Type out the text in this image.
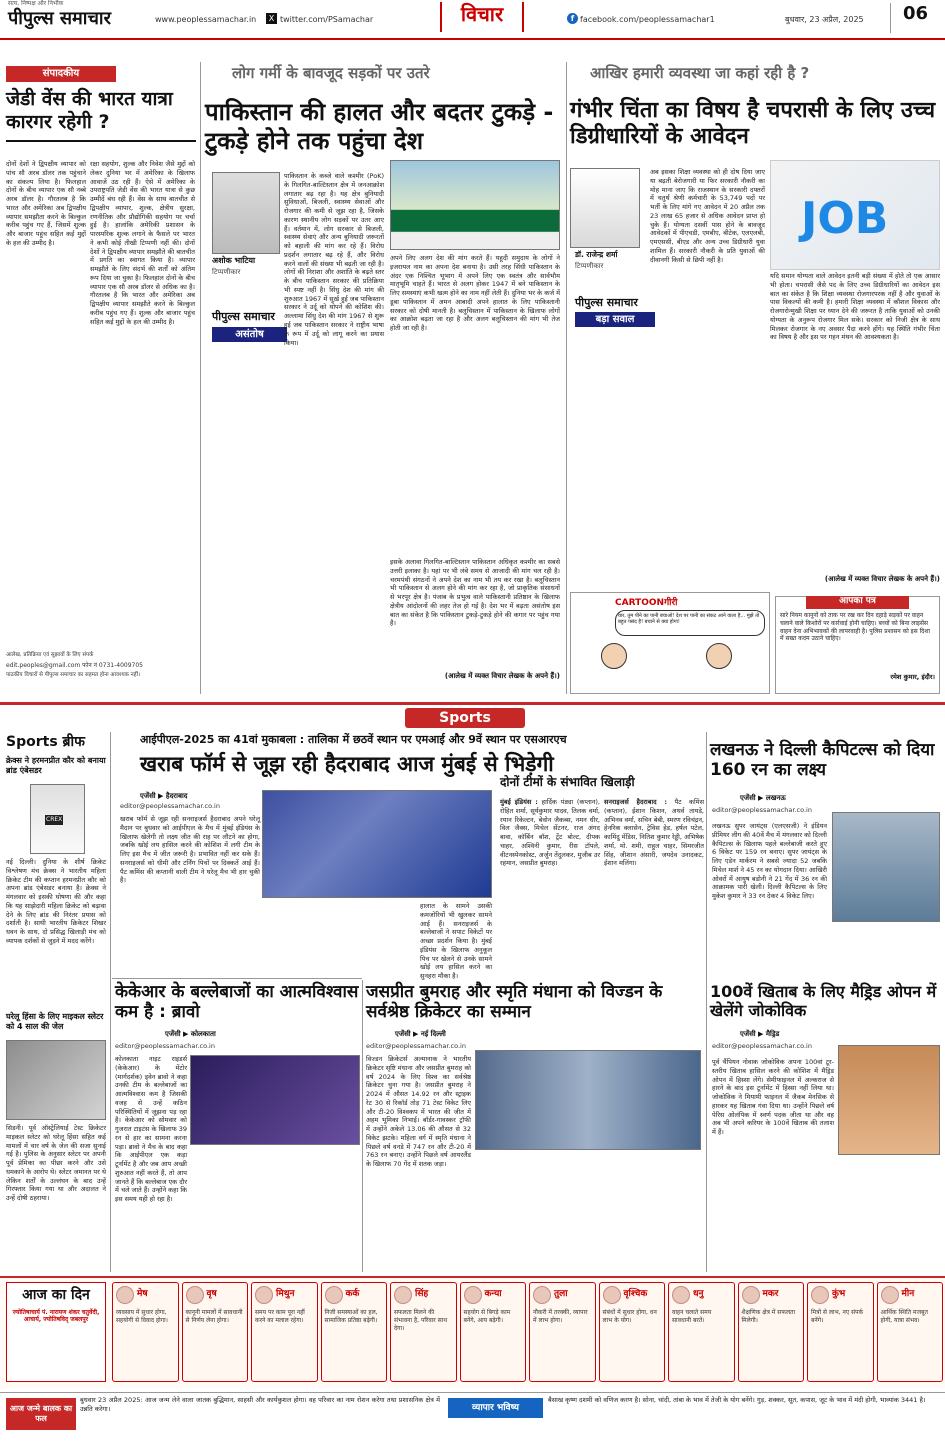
सत्य, निष्पक्ष और निर्भीक
पीपुल्स समाचार	www.peoplessamachar.in	X twitter.com/PSamachar	विचार	f facebook.com/peoplessamachar1	बुधवार, 23 अप्रैल, 2025	06
संपादकीय
जेडी वेंस की भारत यात्रा कारगर रहेगी ?
रक्षा सहयोग, शुल्क और निवेश जैसे मुद्दों को लेकर दुनिया भर में अमेरिका के खिलाफ आवाजें उठ रही हैं। ऐसे में अमेरिका के उपराष्ट्रपति जेडी वेंस की भारत यात्रा से कुछ उम्मीदें बंध रही हैं। वेंस के साथ बातचीत से द्विपक्षीय व्यापार, शुल्क, क्षेत्रीय सुरक्षा, रणनीतिक और प्रौद्योगिकी सहयोग पर चर्चा हुई है। हालांकि अमेरिकी प्रशासन के पारस्परिक शुल्क लगाने के फैसले पर भारत ने कभी कोई तीखी टिप्पणी नहीं की। दोनों देशों ने द्विपक्षीय व्यापार समझौते की बातचीत में प्रगति का स्वागत किया है। व्यापार समझौते के लिए संदर्भ की शर्तों को अंतिम रूप दिया जा चुका है। फिलहाल दोनों के बीच व्यापार एक सौ अरब डॉलर से अधिक का है। गौरतलब है कि भारत और अमेरिका अब द्विपक्षीय व्यापार समझौते करने के बिल्कुल करीब पहुंच गए हैं। शुल्क और बाजार पहुंच सहित कई मुद्दों के हल की उम्मीद है।
दोनों देशों ने द्विपक्षीय व्यापार को पांच सौ अरब डॉलर तक पहुंचाने का संकल्प लिया है। फिलहाल दोनों के बीच व्यापार एक सौ नब्बे अरब डॉलर है। गौरतलब है कि भारत और अमेरिका अब द्विपक्षीय व्यापार समझौता करने के बिल्कुल करीब पहुंच गए हैं, जिसमें शुल्क और बाजार पहुंच सहित कई मुद्दों के हल की उम्मीद है।
आलेख, प्रतिक्रिया एवं सुझावों के लिए संपर्क
edit.peoples@gmail.com फोन नं 0731-4009705
पाठकीय विचारों से पीपुल्स समाचार का सहमत होना आवश्यक नहीं।
लोग गर्मी के बावजूद सड़कों पर उतरे
पाकिस्तान की हालत और बदतर टुकड़े - टुकड़े होने तक पहुंचा देश
अशोक भाटिया
टिप्पणीकार
पीपुल्स समाचार
असंतोष
पाकिस्तान के कब्जे वाले कश्मीर (PoK) के गिलगित-बाल्टिस्तान क्षेत्र में जनआक्रोश लगातार बढ़ रहा है। यह क्षेत्र बुनियादी सुविधाओं, बिजली, स्वास्थ्य सेवाओं और रोजगार की कमी से जूझ रहा है, जिसके कारण स्थानीय लोग सड़कों पर उतर आए हैं। वर्तमान में, लोग सरकार से बिजली, स्वास्थ्य सेवाएं और अन्य बुनियादी जरूरतों को बहाली की मांग कर रहे हैं। विरोध प्रदर्शन लगातार बढ़ रहे हैं, और विरोध करने वालों की संख्या भी बढ़ती जा रही है। लोगों की निराशा और अशांति के बढ़ते स्तर के बीच पाकिस्तान सरकार की प्रतिक्रिया भी स्पष्ट नहीं है। सिंधु देश की मांग की शुरुआत 1967 में सुर्ख़ हुई जब पाकिस्तान सरकार ने उर्दू को थोपने की कोशिश की। अल्लामा सिंधु देश की मांग 1967 से शुरू हुई जब पाकिस्तान सरकार ने राष्ट्रीय भाषा के रूप में उर्दू को लागू करने का प्रयास किया।
अपने लिए अलग देश की मांग करते हैं। यहूदी समुदाय के लोगों ने इजरायल नाम का अपना देश बनाया है। उसी तरह सिंधी पाकिस्तान के अंदर एक निश्चित भूभाग में अपने लिए एक स्वतंत्र और सार्वभौम मातृभूमि चाहते हैं। भारत से अलग होकर 1947 में बने पाकिस्तान के लिए समस्याएं कभी खत्म होने का नाम नहीं लेती हैं। दुनिया भर के कर्ज में डूबा पाकिस्तान में अमन आबादी अपने हालात के लिए पाकिस्तानी सरकार को दोषी मानती है। बलूचिस्तान में पाकिस्तान के खिलाफ लोगों का आक्रोश बढ़ता जा रहा है और अलग बलूचिस्तान की मांग भी तेज होती जा रही है।
इसके अलावा गिलगित-बाल्टिस्तान पाकिस्तान अधिकृत कश्मीर का सबसे उत्तरी इलाका है। यहां पर भी लंबे समय से आजादी की मांग चल रही है। चरमपंथी संगठनों ने अपने देश का नाम भी तय कर रखा है। बलूचिस्तान भी पाकिस्तान से अलग होने की मांग कर रहा है, जो प्राकृतिक संसाधनों से भरपूर क्षेत्र है। पंजाब के प्रभुत्व वाले पाकिस्तानी प्रतिष्ठान के खिलाफ क्षेत्रीय आंदोलनों की लहर तेज हो गई है। देश भर में बढ़ता असंतोष इस बात का संकेत है कि पाकिस्तान टुकड़े-टुकड़े होने की कगार पर पहुंच गया है।
(आलेख में व्यक्त विचार लेखक के अपने हैं।)
आखिर हमारी व्यवस्था जा कहां रही है ?
गंभीर चिंता का विषय है चपरासी के लिए उच्च डिग्रीधारियों के आवेदन
डॉ. राजेन्द्र शर्मा
टिप्पणीकार
पीपुल्स समाचार
बड़ा सवाल
अब इसका शिक्षा व्यवस्था को ही दोष दिया जाए या बढ़ती बेरोजगारी या फिर सरकारी नौकरी का मोह माना जाए कि राजस्थान के सरकारी दफ्तरों में चतुर्थ श्रेणी कर्मचारी के 53,749 पदों पर भर्ती के लिए मांगे गए आवेदन में 20 अप्रैल तक 23 लाख 65 हजार से अधिक आवेदन प्राप्त हो चुके हैं। योग्यता दसवीं पास होने के बावजूद आवेदकों में पीएचडी, एमबीए, बीटेक, एलएलबी, एमएससी, बीएड और अन्य उच्च डिग्रीधारी युवा शामिल हैं। सरकारी नौकरी के प्रति युवाओं की दीवानगी किसी से छिपी नहीं है।
JOB
यदि समान योग्यता वाले आवेदन इतनी बड़ी संख्या में होते तो एक आसार भी होता। चपरासी जैसे पद के लिए उच्च डिग्रीधारियों का आवेदन इस बात का संकेत है कि शिक्षा व्यवस्था रोजगारपरक नहीं है और युवाओं के पास विकल्पों की कमी है। हमारी शिक्षा व्यवस्था में कौशल विकास और रोजगारोन्मुखी शिक्षा पर ध्यान देने की जरूरत है ताकि युवाओं को उनकी योग्यता के अनुरूप रोजगार मिल सके। सरकार को निजी क्षेत्र के साथ मिलकर रोजगार के नए अवसर पैदा करने होंगे। यह स्थिति गंभीर चिंता का विषय है और इस पर गहन मंथन की आवश्यकता है।
(आलेख में व्यक्त विचार लेखक के अपने हैं।)
CARTOONगीरी
यार, तुम पीने का पानी बचाओ! देश पर पानी का संकट आने वाला है... मुझे तो बहुत पसंद है! बचाने से क्या होगा!
आपका पत्र
सारे नियम कानूनों को ताक पर रख कर दिन दहाड़े सड़कों पर वाहन चलाने वाले किशोरों पर कार्रवाई होनी चाहिए। बच्चों को बिना लाइसेंस वाहन देना अभिभावकों की लापरवाही है। पुलिस प्रशासन को इस दिशा में सख्त कदम उठाने चाहिए।
रमेश कुमार, इंदौर।
Sports
Sports ब्रीफ
क्रेक्स ने हरमनप्रीत कौर को बनाया ब्रांड एंबेसडर
CREX
नई दिल्ली। दुनिया के शीर्ष क्रिकेट विश्लेषण मंच क्रेक्स ने भारतीय महिला क्रिकेट टीम की कप्तान हरमनप्रीत कौर को अपना ब्रांड एंबेसडर बनाया है। क्रेक्स ने मंगलवार को इसकी घोषणा की और कहा कि यह साझेदारी महिला क्रिकेट को बढ़ावा देने के लिए ब्रांड की निरंतर प्रयास को दर्शाती है। साथी भारतीय क्रिकेटर शिखर धवन के साथ, दो प्रसिद्ध खिलाड़ी मंच को व्यापक दर्शकों से जुड़ने में मदद करेंगे।
घरेलू हिंसा के लिए माइकल स्लेटर को 4 साल की जेल
सिडनी। पूर्व ऑस्ट्रेलियाई टेस्ट क्रिकेटर माइकल स्लेटर को घरेलू हिंसा सहित कई मामलों में चार वर्ष के जेल की सजा सुनाई गई है। पुलिस के अनुसार स्लेटर पर अपनी पूर्व प्रेमिका का पीछा करने और उसे धमकाने के आरोप थे। स्लेटर जमानत पर थे लेकिन शर्तों के उल्लंघन के बाद उन्हें गिरफ्तार किया गया था और अदालत ने उन्हें दोषी ठहराया।
आईपीएल-2025 का 41वां मुकाबला : तालिका में छठवें स्थान पर एमआई और 9वें स्थान पर एसआरएच
खराब फॉर्म से जूझ रही हैदराबाद आज मुंबई से भिड़ेगी
एजेंसी ▶ हैदराबाद
editor@peoplessamachar.co.in
खराब फॉर्म से जूझ रही सनराइजर्स हैदराबाद अपने घरेलू मैदान पर बुधवार को आईपीएल के मैच में मुंबई इंडियंस के खिलाफ खेलेगी तो लक्ष्य जीत की राह पर लौटने का होगा, जबकि खोई लय हासिल करने की कोशिश में लगी टीम के लिए इस मैच में जीत जरूरी है। प्रभावित नहीं कर सके हैं। सनराइजर्स को धीमी और टर्निंग पिचों पर दिक्कतें आई हैं। पैट कमिंस की कप्तानी वाली टीम ने घरेलू मैच भी हार चुकी है।
हालात के सामने उसकी कमजोरियों भी खुलकर सामने आई हैं। सनराइजर्स के बल्लेबाजों ने सपाट विकेटों पर अच्छा प्रदर्शन किया है। मुंबई इंडियंस के खिलाफ अनुकूल पिच पर खेलने से उनके सामने खोई लय हासिल करने का सुनहरा मौका है।
दोनों टीमों के संभावित खिलाड़ी
मुंबई इंडियंस : हार्दिक पंड्या (कप्तान), रोहित शर्मा, सूर्यकुमार यादव, तिलक वर्मा, रयान रिकेल्टन, बेवोन जैकब्स, नमन धीर, विल जैक्स, मिचेल सेंटनर, राज अंगद बावा, कॉर्बिन बॉश, ट्रेंट बोल्ट, दीपक चाहर, अश्विनी कुमार, रीस टॉपले, वीटनस्पेनकोस्ट, अर्जुन तेंदुलकर, मुजीब उर रहमान, जसप्रीत बुमराह।
सनराइजर्स हैदराबाद : पैट कमिंस (कप्तान), ईशान किशन, अथर्व तायडे, अभिनव वर्मा, सचिन बेबी, स्मरण रविचंद्रन, हेनरिक क्लासेन, ट्रेविस हेड, हर्षल पटेल, कामिंदु मेंडिस, नितिश कुमार रेड्डी, अभिषेक शर्मा, मो. शमी, राहुल चाहर, सिमरजीत सिंह, जीशान अंसारी, जयदेव उनादकट, ईशान मलिंगा।
लखनऊ ने दिल्ली कैपिटल्स को दिया 160 रन का लक्ष्य
एजेंसी ▶ लखनऊ
editor@peoplessamachar.co.in
लखनऊ सुपर जायंट्स (एलएसजी) ने इंडियन प्रीमियर लीग की 40वें मैच में मंगलवार को दिल्ली कैपिटल्स के खिलाफ पहले बल्लेबाजी करते हुए 6 विकेट पर 159 रन बनाए। सुपर जायंट्स के लिए एडेन मार्करम ने सबसे ज्यादा 52 जबकि मिचेल मार्श ने 45 रन का योगदान दिया। आखिरी ओवरों में आयुष बडोनी ने 21 गेंद में 36 रन की आक्रामक पारी खेली। दिल्ली कैपिटल्स के लिए मुकेश कुमार ने 33 रन देकर 4 विकेट लिए।
केकेआर के बल्लेबाजों का आत्मविश्वास कम है : ब्रावो
एजेंसी ▶ कोलकाता
editor@peoplessamachar.co.in
कोलकाता नाइट राइडर्स (केकेआर) के मेंटोर (मार्गदर्शक) ड्वेन ब्रावो ने कहा उनकी टीम के बल्लेबाजों का आत्मविश्वास कम है जिसकी वजह से उन्हें कठिन परिस्थितियों में जूझना पड़ रहा है। केकेआर को सोमवार को गुजरात टाइटंस के खिलाफ 39 रन से हार का सामना करना पड़ा। ब्रावो ने मैच के बाद कहा कि आईपीएल एक कड़ा टूर्नामेंट है और जब आप अच्छी शुरुआत नहीं करते हैं, तो आप जानते हैं कि बल्लेबाज एक दौर में चले जाते हैं। उन्होंने कहा कि इस समय यही हो रहा है।
जसप्रीत बुमराह और स्मृति मंधाना को विज्डन के सर्वश्रेष्ठ क्रिकेटर का सम्मान
एजेंसी ▶ नई दिल्ली
editor@peoplessamachar.co.in
विज्डन क्रिकेटर्स अल्मानाक ने भारतीय क्रिकेटर सृष्टि मंधाना और जसप्रीत बुमराह को वर्ष 2024 के लिए विश्व का सर्वश्रेष्ठ क्रिकेटर चुना गया है। जसप्रीत बुमराह ने 2024 में औसत 14.92 रन और स्ट्राइक रेट 30 से रिकॉर्ड तोड़ 71 टेस्ट विकेट लिए और टी-20 विश्वकप में भारत की जीत में अहम भूमिका निभाई। बॉर्डर-गावस्कर ट्रॉफी में उन्होंने अकेले 13.06 की औसत से 32 विकेट झटके। महिला वर्ग में स्मृति मंधाना ने पिछले वर्ष वनडे में 747 रन और टी-20 में 763 रन बनाए। उन्होंने पिछले वर्ष आयरलैंड के खिलाफ 70 गेंद में शतक जड़ा।
100वें खिताब के लिए मैड्रिड ओपन में खेलेंगे जोकोविक
एजेंसी ▶ मैड्रिड
editor@peoplessamachar.co.in
पूर्व चैंपियन नोवाक जोकोविक अपना 100वां टूर-स्तरीय खिताब हासिल करने की कोशिश में मैड्रिड ओपन में हिस्सा लेंगे। सेमीफाइनल में अल्कराज से हारने के बाद इस टूर्नामेंट में हिस्सा नहीं लिया था। जोकोविक ने मियामी फाइनल में जैकब मेनसिक से हारकर यह खिताब गंवा दिया था। उन्होंने पिछले वर्ष पेरिस ओलंपिक में स्वर्ण पदक जीता था और वह अब भी अपने करियर के 100वें खिताब की तलाश में हैं।
आज का दिन
ज्योतिषाचार्य पं. नारायण शंकर चतुर्वेदी, आचार्य, ज्योतिषविद् जबलपुर
मेष
व्यवसाय में सुधार होगा, सहयोगी से विवाद होगा।
वृष
कानूनी मामलों में सावधानी से निर्णय लेना होगा।
मिथुन
समय पर काम पूरा नहीं करने का मलाल रहेगा।
कर्क
निजी समस्याओं का हल, सामाजिक प्रतिष्ठा बढ़ेगी।
सिंह
सफलता मिलने की संभावना है, परिवार साथ देगा।
कन्या
सहयोग से बिगड़े काम बनेंगे, आय बढ़ेगी।
तुला
नौकरी में तरक्की, व्यापार में लाभ होगा।
वृश्चिक
संबंधों में सुधार होगा, धन लाभ के योग।
धनु
वाहन चलाते समय सावधानी बरतें।
मकर
शैक्षणिक क्षेत्र में सफलता मिलेगी।
कुंभ
मित्रों से लाभ, नए संपर्क बनेंगे।
मीन
आर्थिक स्थिति मजबूत होगी, यात्रा संभव।
आज जन्मे बालक का फल
बुधवार 23 अप्रैल 2025: आज जन्म लेने वाला जातक बुद्धिमान, साहसी और कार्यकुशल होगा। वह परिवार का नाम रोशन करेगा तथा प्रशासनिक क्षेत्र में उन्नति करेगा।	व्यापार भविष्य
बैसाख कृष्ण दशमी को वणिज करण है। सोना, चांदी, तांबा के भाव में तेजी के योग बनेंगे। गुड़, शक्कर, सूत, कपास, जूट के भाव में मंदी होगी, भाव्यांक 3441 है।
